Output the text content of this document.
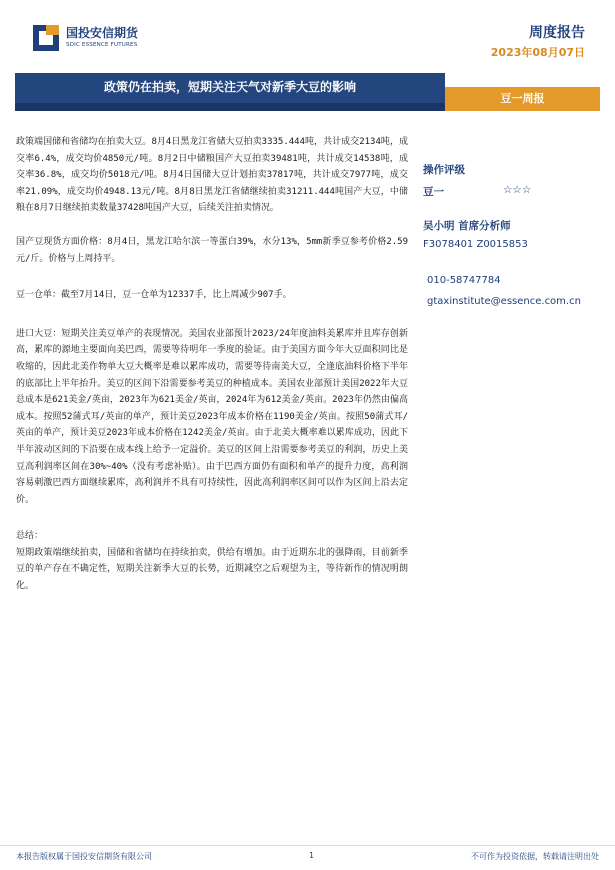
国投安信期货
SDIC ESSENCE FUTURES
周度报告
2023年08月07日
政策仍在拍卖，短期关注天气对新季大豆的影响
豆一周报

政策端国储和省储均在拍卖大豆。8月4日黑龙江省储大豆拍卖3335.444吨，共计成交2134吨，成交率6.4%，成交均价4850元/吨。8月2日中储粮国产大豆拍卖39481吨，共计成交14538吨，成交率36.8%，成交均价5018元/吨。8月4日国储大豆计划拍卖37817吨，共计成交7977吨，成交率21.09%，成交均价4948.13元/吨。8月8日黑龙江省储继续拍卖31211.444吨国产大豆，中储粮在8月7日继续拍卖数量37428吨国产大豆，后续关注拍卖情况。

国产豆现货方面价格：8月4日，黑龙江哈尔滨一等蛋白39%，水分13%，5mm新季豆参考价格2.59元/斤。价格与上周持平。

豆一仓单：截至7月14日，豆一仓单为12337手，比上周减少907手。

进口大豆：短期关注美豆单产的表现情况。美国农业部预计2023/24年度油料美累库并且库存创新高，累库的源地主要面向美巴西，需要等待明年一季度的验证。由于美国方面今年大豆面积同比是收缩的，因此北美作物单大豆大概率是难以累库成功，需要等待南美大豆，全逢底油料价格下半年的底部比上半年抬升。美豆的区间下沿需要参考美豆的种植成本。美国农业部预计美国2022年大豆总成本是621美金/英亩，2023年为621美金/英亩，2024年为612美金/英亩。2023年仍然由偏高成本。按照52蒲式耳/英亩的单产，预计美豆2023年成本价格在1190美金/英亩。按照50蒲式耳/英亩的单产，预计美豆2023年成本价格在1242美金/英亩。由于北美大概率难以累库成功，因此下半年波动区间的下沿要在成本线上给予一定溢价。美豆的区间上沿需要参考美豆的利润，历史上美豆高利润率区间在30%~40%（没有考虑补贴）。由于巴西方面仍有面积和单产的提升力度，高利润容易刺激巴西方面继续累库，高利润并不具有可持续性，因此高利润率区间可以作为区间上沿去定价。

总结：
短期政策端继续拍卖，国储和省储均在持续拍卖，供给有增加。由于近期东北的强降雨，目前新季豆的单产存在不确定性，短期关注新季大豆的长势，近期减空之后观望为主，等待新作的情况明朗化。

操作评级
豆一	☆☆☆
吴小明 首席分析师
F3078401 Z0015853
010-58747784
gtaxinstitute@essence.com.cn
本报告版权属于国投安信期货有限公司	1	不可作为投资依据，转载请注明出处
